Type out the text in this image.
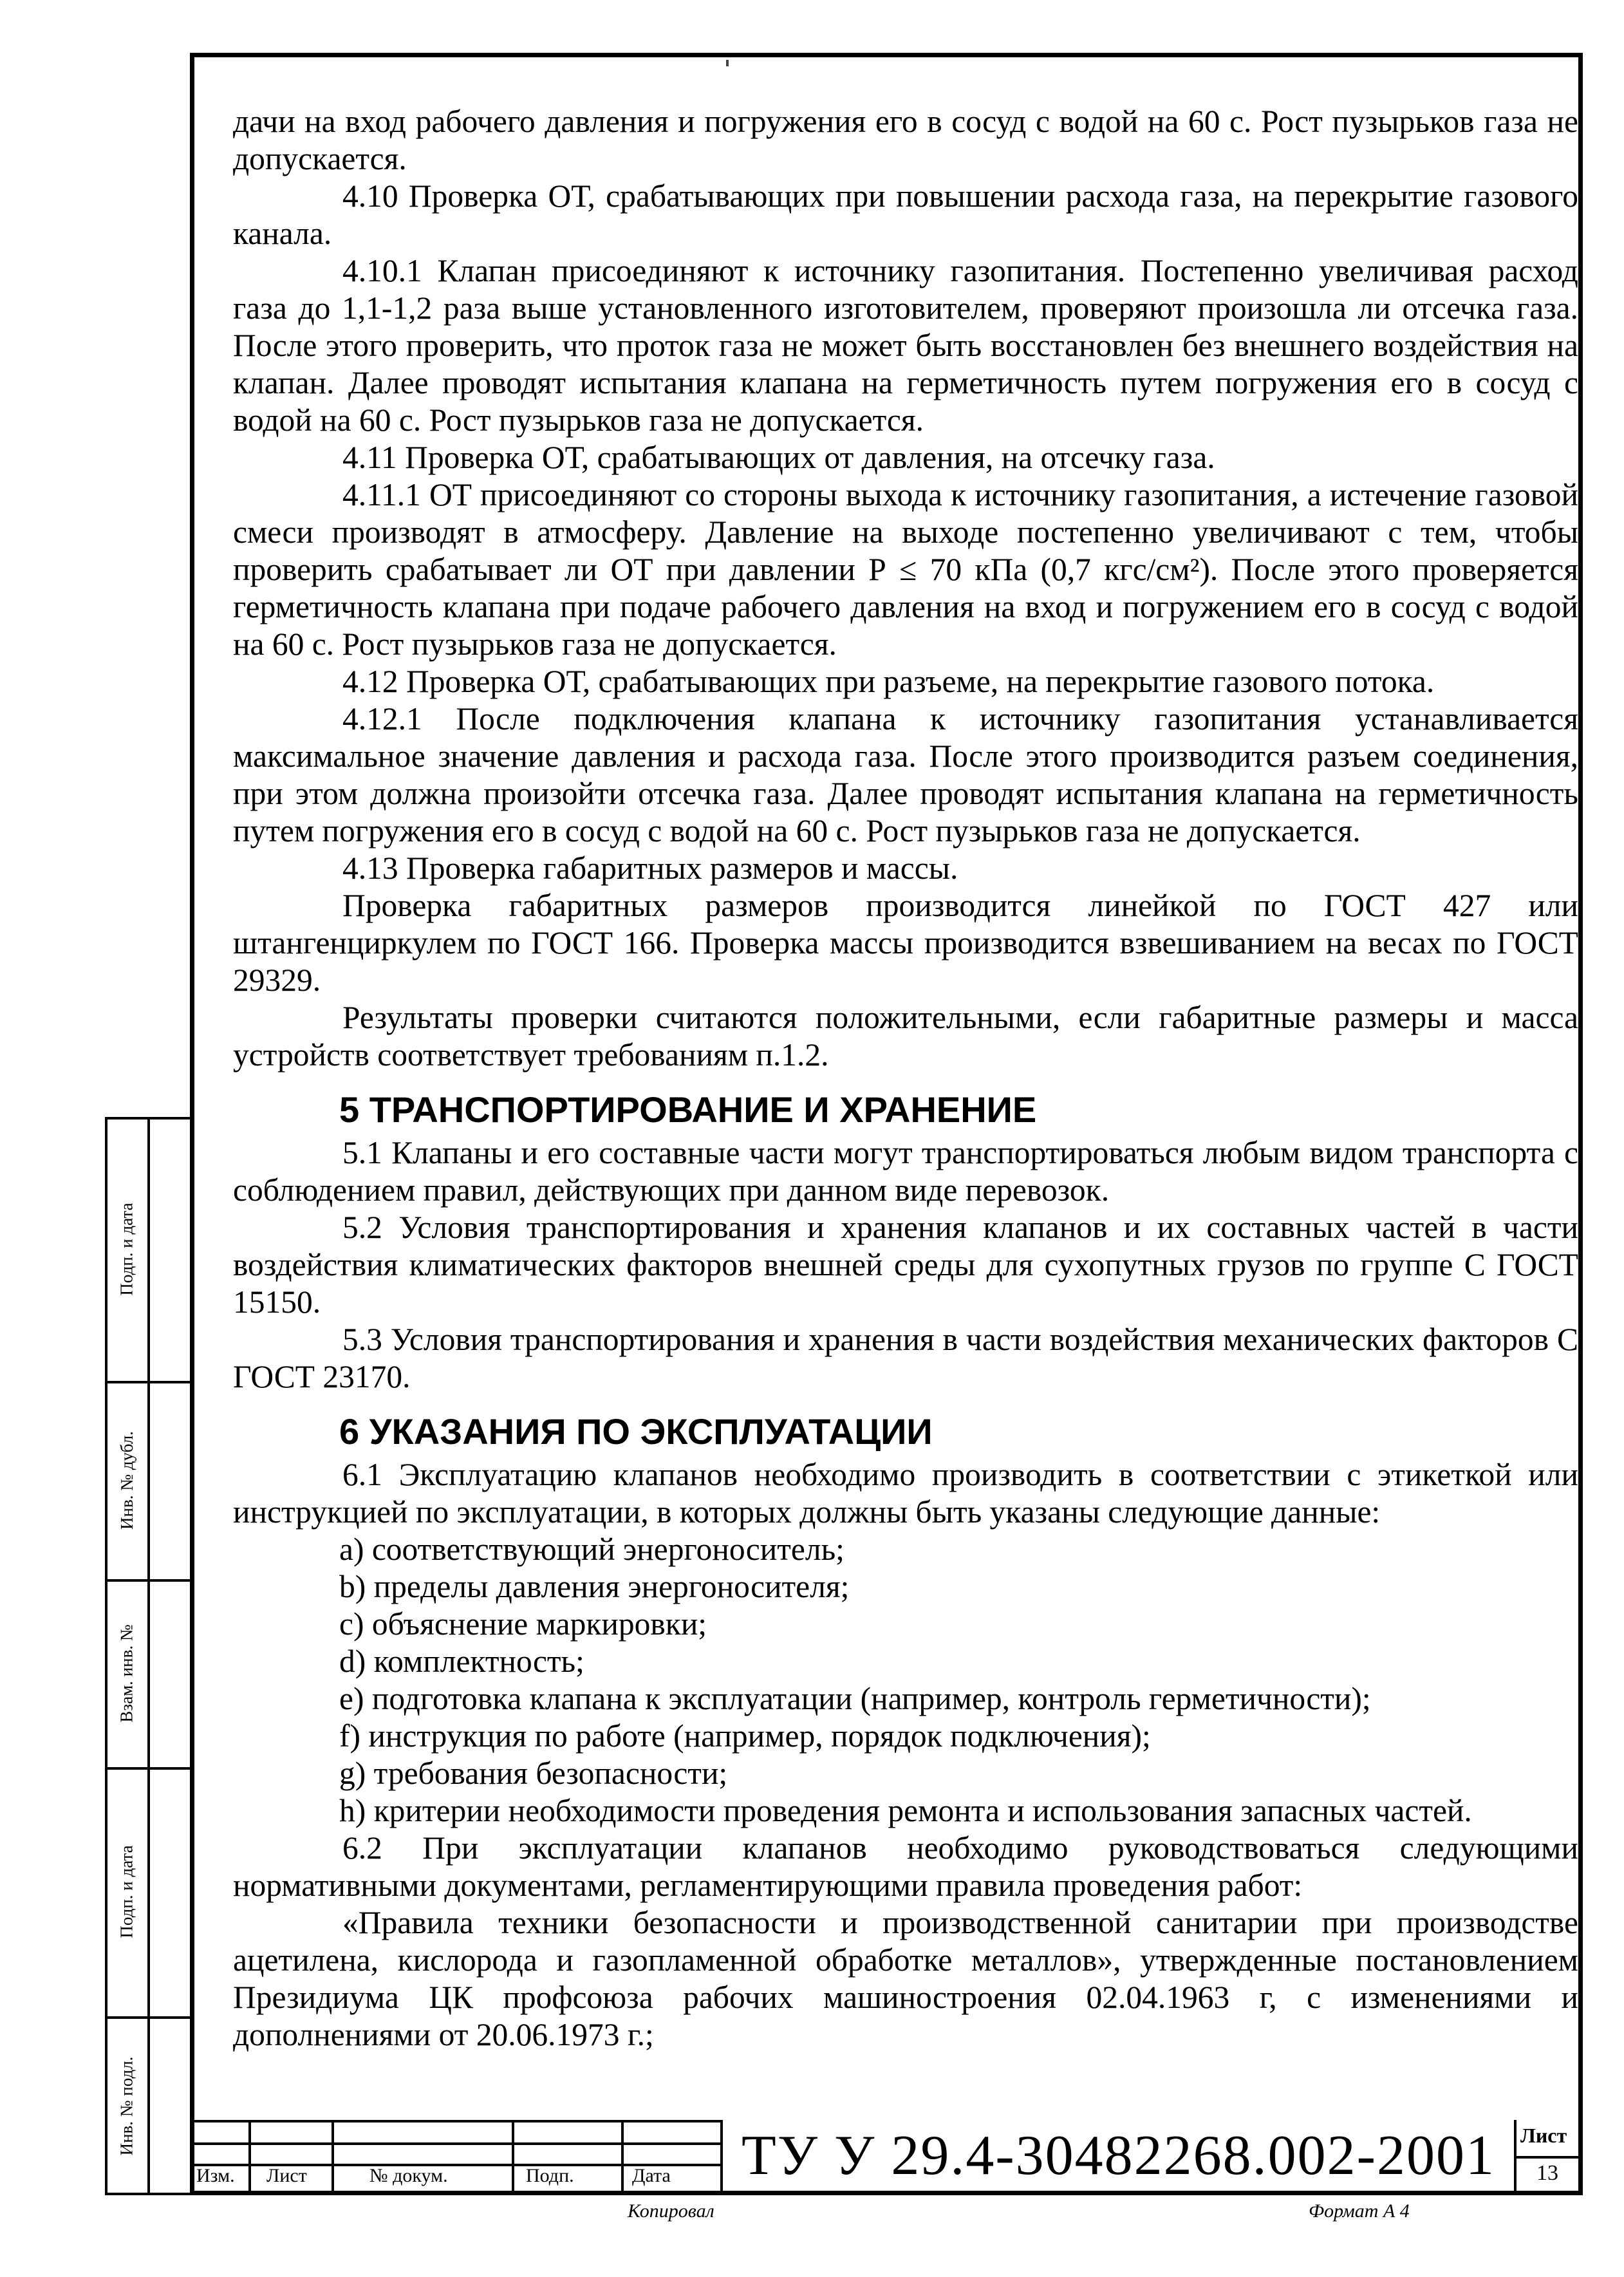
дачи на вход рабочего давления и погружения его в сосуд с водой на 60 с. Рост пузырьков газа не допускается.

4.10 Проверка ОТ, срабатывающих при повышении расхода газа, на перекрытие газового канала.

4.10.1 Клапан присоединяют к источнику газопитания. Постепенно увеличивая расход газа до 1,1-1,2 раза выше установленного изготовителем, проверяют произошла ли отсечка газа. После этого проверить, что проток газа не может быть восстановлен без внешнего воздействия на клапан. Далее проводят испытания клапана на герметичность путем погружения его в сосуд с водой на 60 с. Рост пузырьков газа не допускается.

4.11 Проверка ОТ, срабатывающих от давления, на отсечку газа.

4.11.1 ОТ присоединяют со стороны выхода к источнику газопитания, а истечение газовой смеси производят в атмосферу. Давление на выходе постепенно увеличивают с тем, чтобы проверить срабатывает ли ОТ при давлении Р ≤ 70 кПа (0,7 кгс/см²). После этого проверяется герметичность клапана при подаче рабочего давления на вход и погружением его в сосуд с водой на 60 с. Рост пузырьков газа не допускается.

4.12 Проверка ОТ, срабатывающих при разъеме, на перекрытие газового потока.

4.12.1 После подключения клапана к источнику газопитания устанавливается максимальное значение давления и расхода газа. После этого производится разъем соединения, при этом должна произойти отсечка газа. Далее проводят испытания клапана на герметичность путем погружения его в сосуд с водой на 60 с. Рост пузырьков газа не допускается.

4.13 Проверка габаритных размеров и массы.

Проверка габаритных размеров производится линейкой по ГОСТ 427 или штангенциркулем по ГОСТ 166. Проверка массы производится взвешиванием на весах по ГОСТ 29329.

Результаты проверки считаются положительными, если габаритные размеры и масса устройств соответствует требованиям п.1.2.

5 ТРАНСПОРТИРОВАНИЕ И ХРАНЕНИЕ

5.1 Клапаны и его составные части могут транспортироваться любым видом транспорта с соблюдением правил, действующих при данном виде перевозок.

5.2 Условия транспортирования и хранения клапанов и их составных частей в части воздействия климатических факторов внешней среды для сухопутных грузов по группе С ГОСТ 15150.

5.3 Условия транспортирования и хранения в части воздействия механических факторов С ГОСТ 23170.

6 УКАЗАНИЯ ПО ЭКСПЛУАТАЦИИ

6.1 Эксплуатацию клапанов необходимо производить в соответствии с этикеткой или инструкцией по эксплуатации, в которых должны быть указаны следующие данные:

a) соответствующий энергоноситель;

b) пределы давления энергоносителя;

c) объяснение маркировки;

d) комплектность;

e) подготовка клапана к эксплуатации (например, контроль герметичности);

f) инструкция по работе (например, порядок подключения);

g) требования безопасности;

h) критерии необходимости проведения ремонта и использования запасных частей.

6.2 При эксплуатации клапанов необходимо руководствоваться следующими нормативными документами, регламентирующими правила проведения работ:

«Правила техники безопасности и производственной санитарии при производстве ацетилена, кислорода и газопламенной обработке металлов», утвержденные постановлением Президиума ЦК профсоюза рабочих машиностроения 02.04.1963 г, с изменениями и дополнениями от 20.06.1973 г.;

Подп. и дата
Инв. № дубл.
Взам. инв. №
Подп. и дата
Инв. № подл.
Изм. Лист	№ докум.	Подп.	Дата ТУ У 29.4-30482268.002-2001 Лист
13
Копировал	Формат А 4
